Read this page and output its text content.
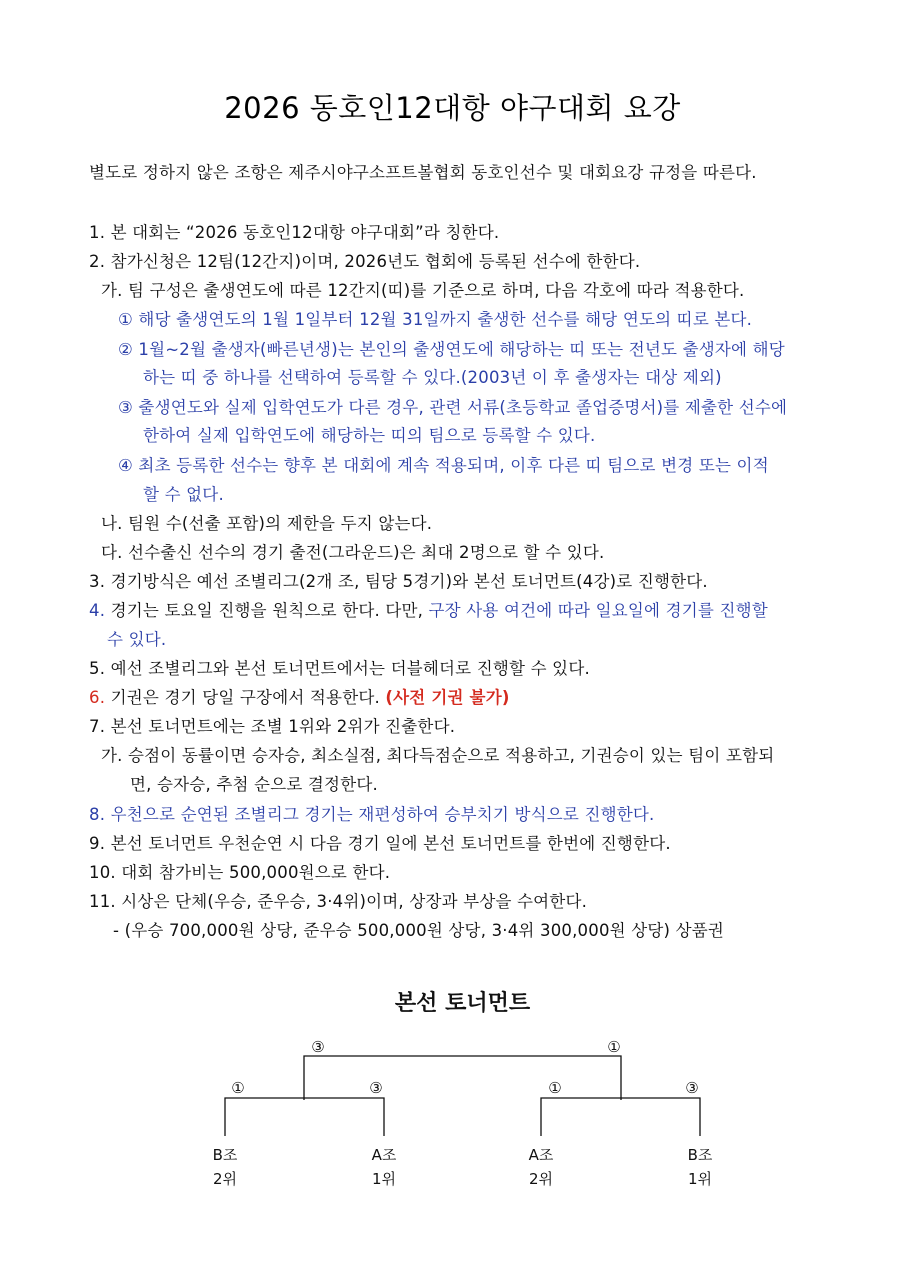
2026 동호인12대항 야구대회 요강
별도로 정하지 않은 조항은 제주시야구소프트볼협회 동호인선수 및 대회요강 규정을 따른다.
1. 본 대회는 “2026 동호인12대항 야구대회”라 칭한다.
2. 참가신청은 12팀(12간지)이며, 2026년도 협회에 등록된 선수에 한한다.
가. 팀 구성은 출생연도에 따른 12간지(띠)를 기준으로 하며, 다음 각호에 따라 적용한다.
① 해당 출생연도의 1월 1일부터 12월 31일까지 출생한 선수를 해당 연도의 띠로 본다.
② 1월~2월 출생자(빠른년생)는 본인의 출생연도에 해당하는 띠 또는 전년도 출생자에 해당
하는 띠 중 하나를 선택하여 등록할 수 있다.(2003년 이 후 출생자는 대상 제외)
③ 출생연도와 실제 입학연도가 다른 경우, 관련 서류(초등학교 졸업증명서)를 제출한 선수에
한하여 실제 입학연도에 해당하는 띠의 팀으로 등록할 수 있다.
④ 최초 등록한 선수는 향후 본 대회에 계속 적용되며, 이후 다른 띠 팀으로 변경 또는 이적
할 수 없다.
나. 팀원 수(선출 포함)의 제한을 두지 않는다.
다. 선수출신 선수의 경기 출전(그라운드)은 최대 2명으로 할 수 있다.
3. 경기방식은 예선 조별리그(2개 조, 팀당 5경기)와 본선 토너먼트(4강)로 진행한다.
4. 경기는 토요일 진행을 원칙으로 한다. 다만, 구장 사용 여건에 따라 일요일에 경기를 진행할
수 있다.
5. 예선 조별리그와 본선 토너먼트에서는 더블헤더로 진행할 수 있다.
6. 기권은 경기 당일 구장에서 적용한다. (사전 기권 불가)
7. 본선 토너먼트에는 조별 1위와 2위가 진출한다.
가. 승점이 동률이면 승자승, 최소실점, 최다득점순으로 적용하고, 기권승이 있는 팀이 포함되
면, 승자승, 추첨 순으로 결정한다.
8. 우천으로 순연된 조별리그 경기는 재편성하여 승부치기 방식으로 진행한다.
9. 본선 토너먼트 우천순연 시 다음 경기 일에 본선 토너먼트를 한번에 진행한다.
10. 대회 참가비는 500,000원으로 한다.
11. 시상은 단체(우승, 준우승, 3·4위)이며, 상장과 부상을 수여한다.
- (우승 700,000원 상당, 준우승 500,000원 상당, 3·4위 300,000원 상당) 상품권
본선 토너먼트
③	①
①	③	①	③
B조
2위
A조
1위
A조
2위
B조
1위
